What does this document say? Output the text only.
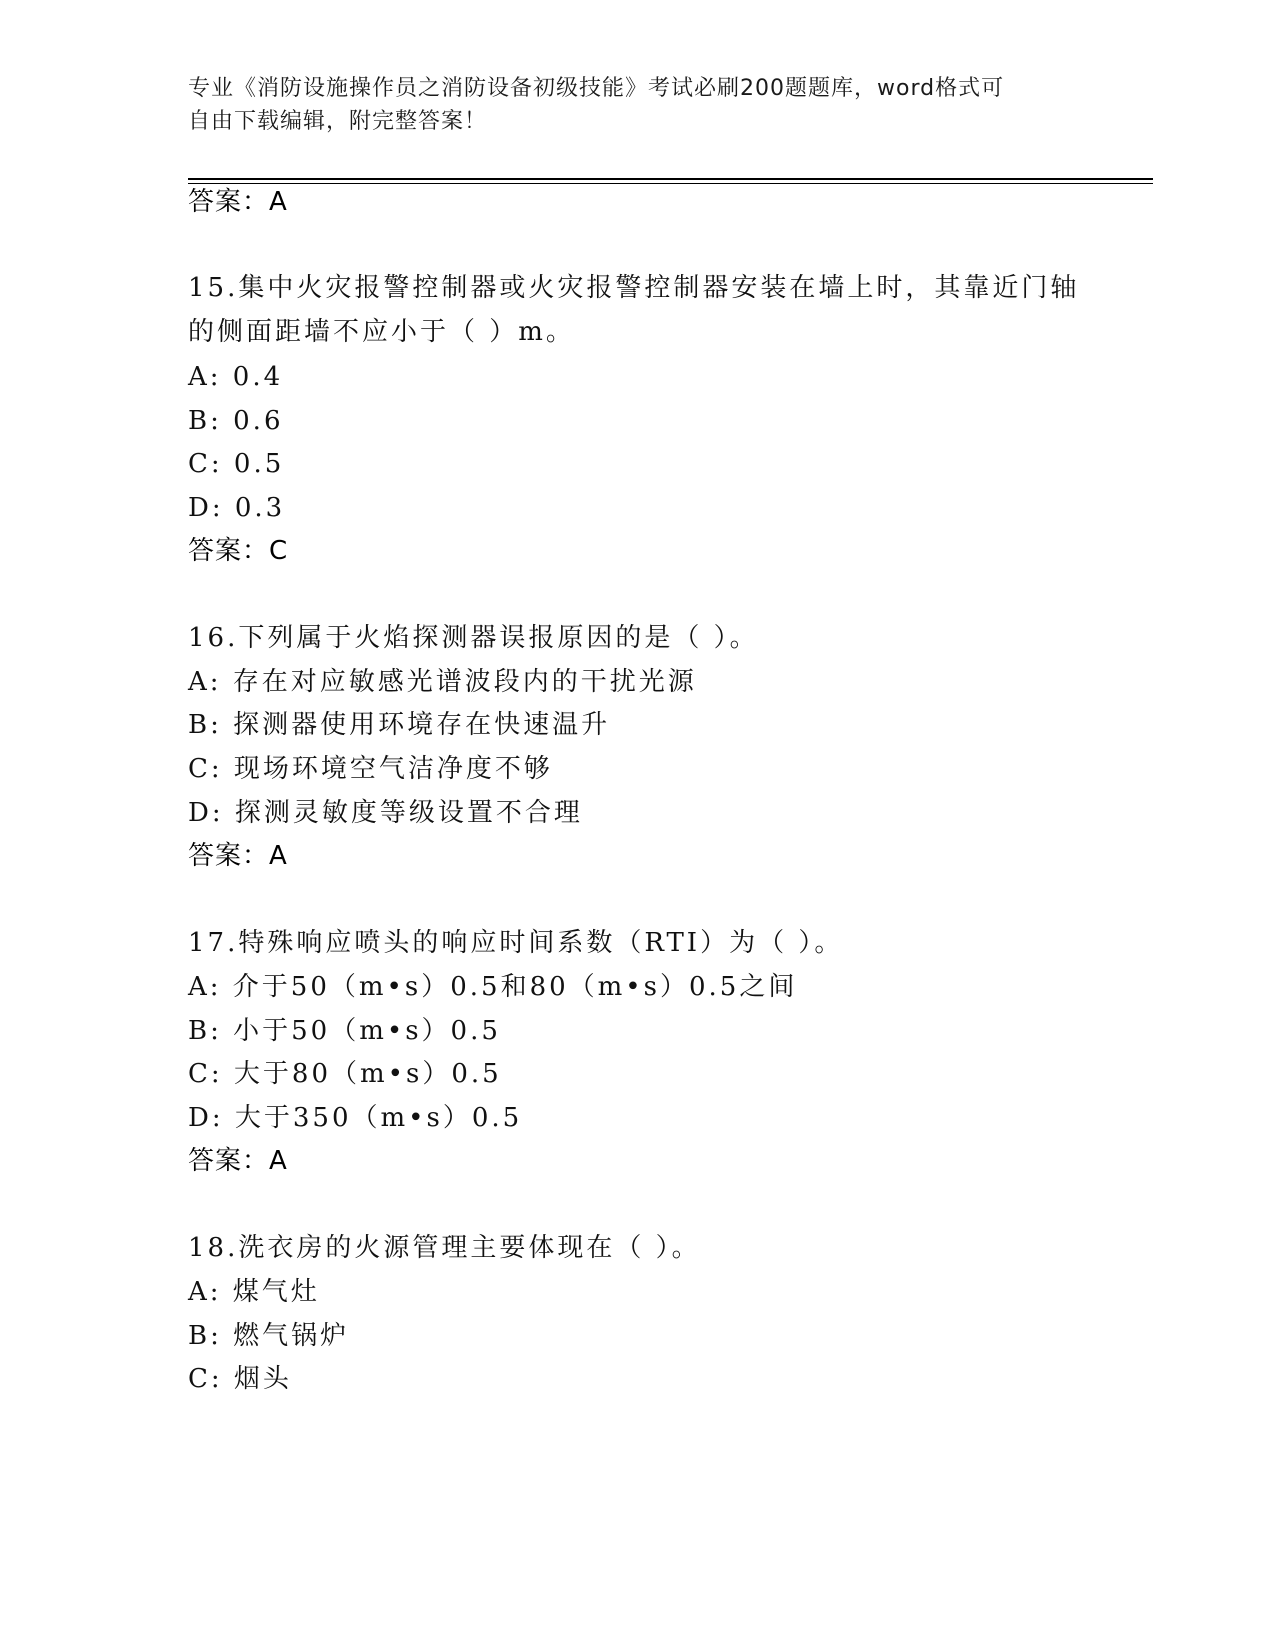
专业《消防设施操作员之消防设备初级技能》考试必刷200题题库，word格式可
自由下载编辑，附完整答案！
答案：A
15.集中火灾报警控制器或火灾报警控制器安装在墙上时，其靠近门轴
的侧面距墙不应小于（ ）m。
A: 0.4
B: 0.6
C: 0.5
D: 0.3
答案：C
16.下列属于火焰探测器误报原因的是（ ）。
A: 存在对应敏感光谱波段内的干扰光源
B: 探测器使用环境存在快速温升
C: 现场环境空气洁净度不够
D: 探测灵敏度等级设置不合理
答案：A
17.特殊响应喷头的响应时间系数（RTI）为（ ）。
A: 介于50（m•s）0.5和80（m•s）0.5之间
B: 小于50（m•s）0.5
C: 大于80（m•s）0.5
D: 大于350（m•s）0.5
答案：A
18.洗衣房的火源管理主要体现在（ ）。
A: 煤气灶
B: 燃气锅炉
C: 烟头
